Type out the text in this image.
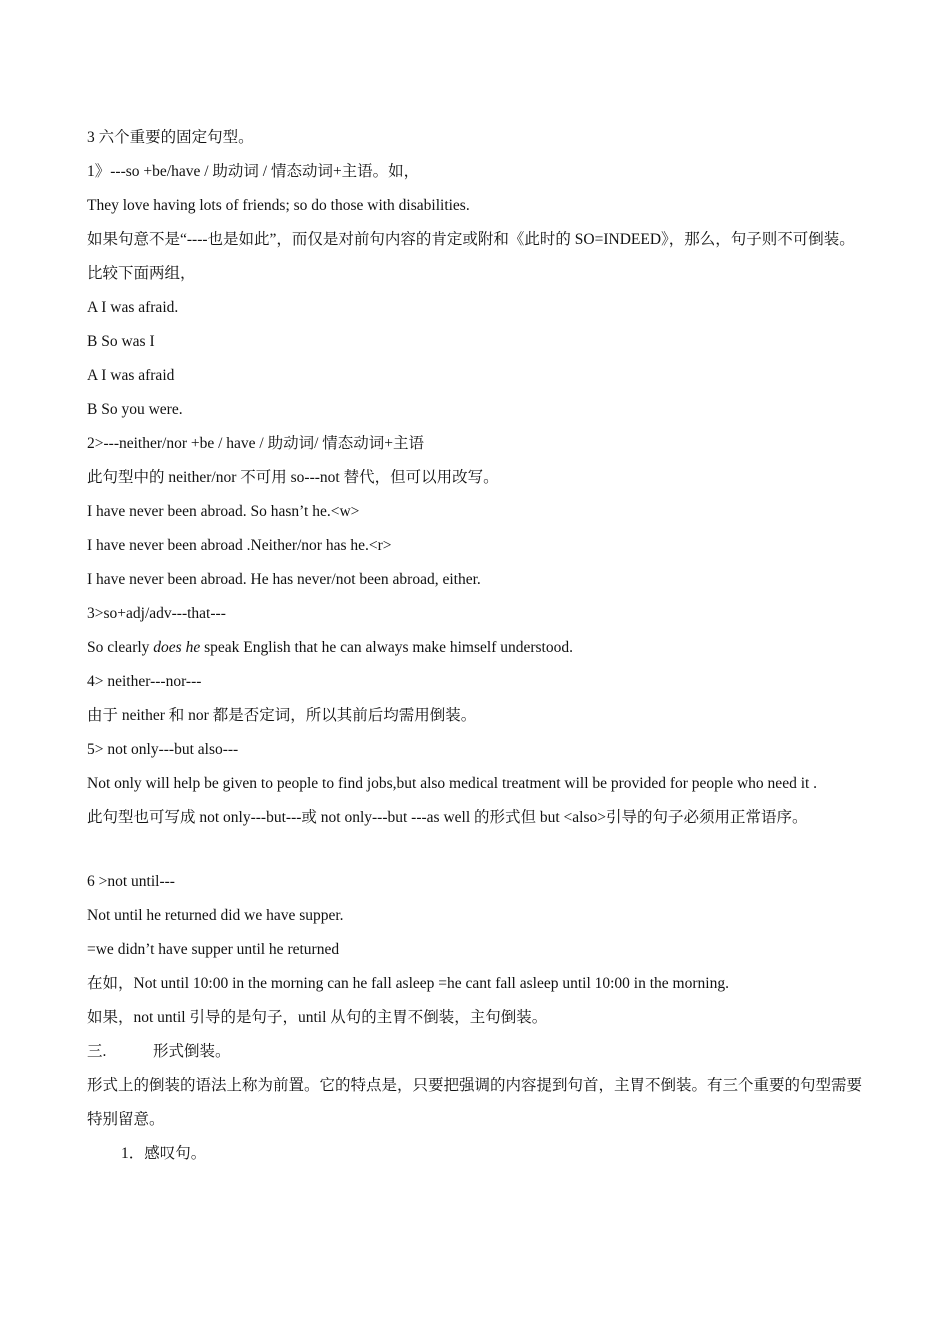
3 六个重要的固定句型。
1》---so +be/have / 助动词 / 情态动词+主语。如，
They love having lots of friends; so do those with disabilities.
如果句意不是“----也是如此”，而仅是对前句内容的肯定或附和《此时的 SO=INDEED》，那么，句子则不可倒装。比较下面两组，
A I was afraid.
B So was I
A I was afraid
B So you were.
2>---neither/nor +be / have / 助动词/ 情态动词+主语
此句型中的 neither/nor 不可用 so---not 替代，但可以用改写。
I have never been abroad. So hasn’t he.<w>
I have never been abroad .Neither/nor has he.<r>
I have never been abroad. He has never/not been abroad, either.
3>so+adj/adv---that---
So clearly does he speak English that he can always make himself understood.
4> neither---nor---
由于 neither 和 nor 都是否定词，所以其前后均需用倒装。
5> not only---but also---
Not only will help be given to people to find jobs,but also medical treatment will be provided for people who need it .
此句型也可写成 not only---but---或 not only---but ---as well 的形式但 but <also>引导的句子必须用正常语序。
6 >not until---
Not until he returned did we have supper.
=we didn’t have supper until he returned
在如，Not until 10:00 in the morning can he fall asleep =he cant fall asleep until 10:00 in the morning.
如果，not until 引导的是句子，until 从句的主胃不倒装，主句倒装。
三.	形式倒装。
形式上的倒装的语法上称为前置。它的特点是，只要把强调的内容提到句首，主胃不倒装。有三个重要的句型需要特别留意。
1．感叹句。
